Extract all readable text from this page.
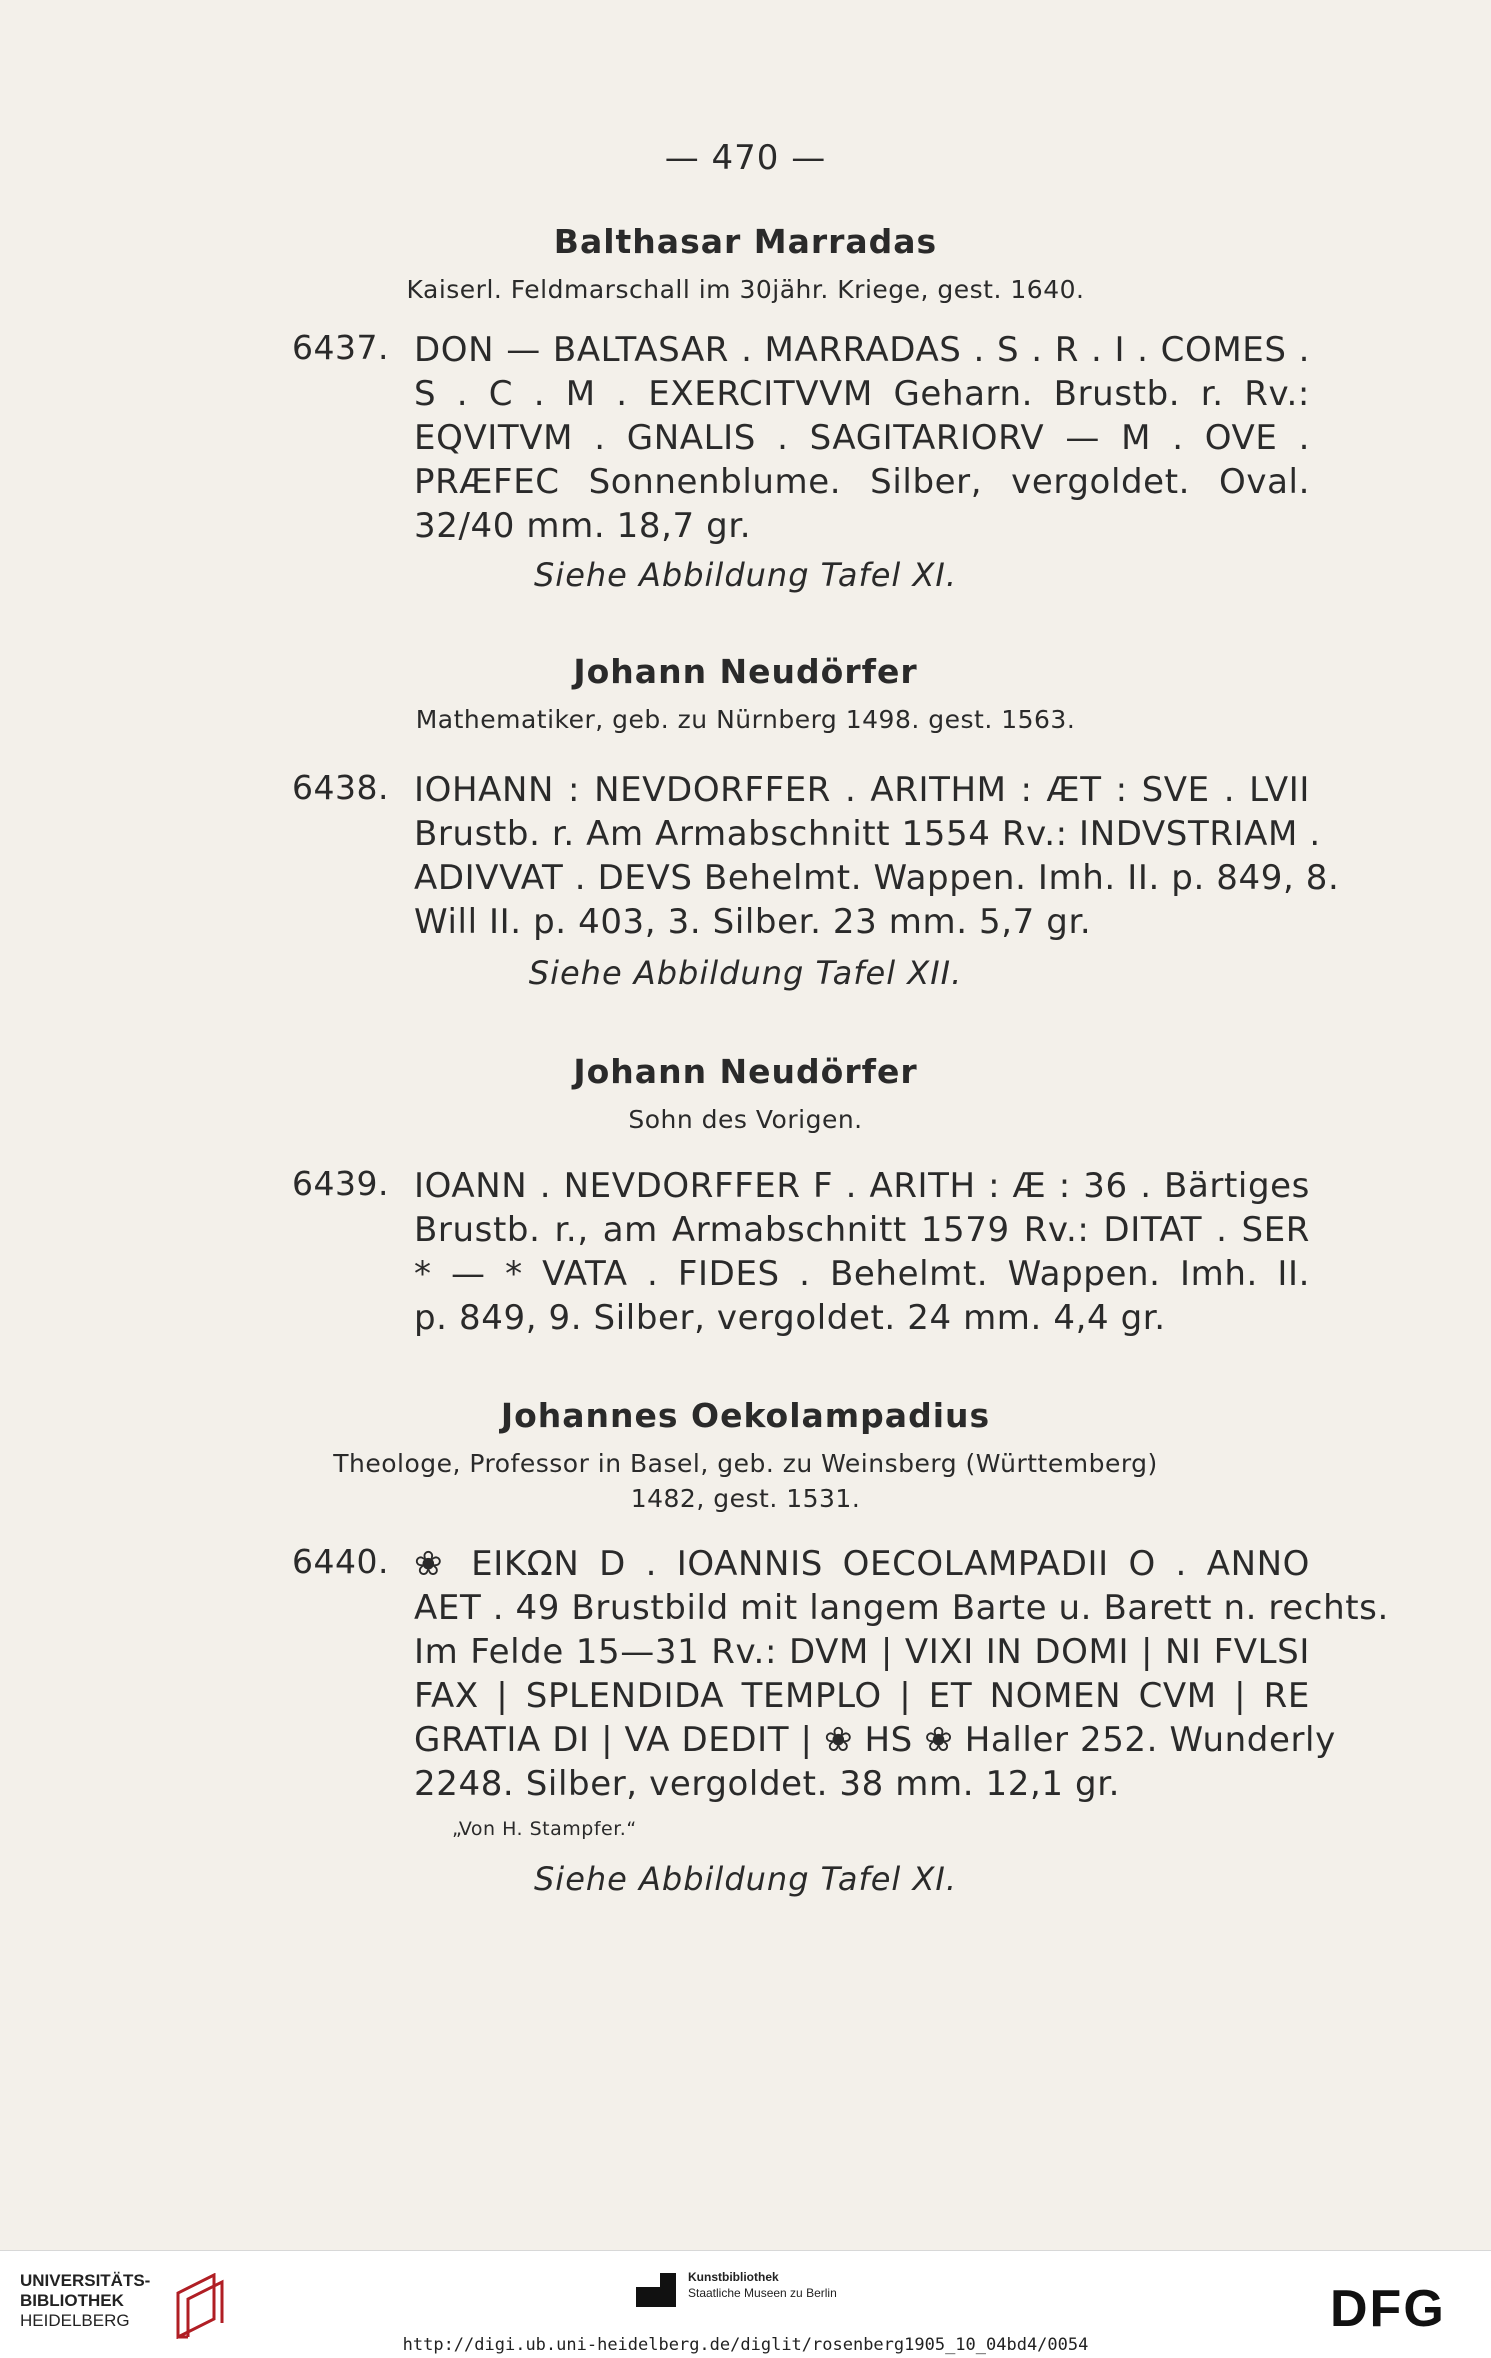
— 470 —
Balthasar Marradas
Kaiserl. Feldmarschall im 30jähr. Kriege, gest. 1640.
6437. DON — BALTASAR . MARRADAS . S . R . I . COMES .
S . C . M . EXERCITVVM Geharn. Brustb. r. Rv.:
EQVITVM . GNALIS . SAGITARIORV — M . OVE .
PRÆFEC Sonnenblume. Silber, vergoldet. Oval.
32/40 mm. 18,7 gr.
Siehe Abbildung Tafel XI.
Johann Neudörfer
Mathematiker, geb. zu Nürnberg 1498. gest. 1563.
6438. IOHANN : NEVDORFFER . ARITHM : ÆT : SVE . LVII
Brustb. r. Am Armabschnitt 1554 Rv.: INDVSTRIAM .
ADIVVAT . DEVS Behelmt. Wappen. Imh. II. p. 849, 8.
Will II. p. 403, 3. Silber. 23 mm. 5,7 gr.
Siehe Abbildung Tafel XII.
Johann Neudörfer
Sohn des Vorigen.
6439. IOANN . NEVDORFFER F . ARITH : Æ : 36 . Bärtiges
Brustb. r., am Armabschnitt 1579 Rv.: DITAT . SER
* — * VATA . FIDES . Behelmt. Wappen. Imh. II.
p. 849, 9. Silber, vergoldet. 24 mm. 4,4 gr.
Johannes Oekolampadius
Theologe, Professor in Basel, geb. zu Weinsberg (Württemberg)
1482, gest. 1531.
6440. ❀ EIKΩN D . IOANNIS OECOLAMPADII O . ANNO
AET . 49 Brustbild mit langem Barte u. Barett n. rechts.
Im Felde 15—31 Rv.: DVM | VIXI IN DOMI | NI FVLSI
FAX | SPLENDIDA TEMPLO | ET NOMEN CVM | RE
GRATIA DI | VA DEDIT | ❀ HS ❀ Haller 252. Wunderly
2248. Silber, vergoldet. 38 mm. 12,1 gr.
„Von H. Stampfer.“
Siehe Abbildung Tafel XI.
UNIVERSITÄTS-
BIBLIOTHEK
HEIDELBERG
Kunstbibliothek
Staatliche Museen zu Berlin	DFG
http://digi.ub.uni-heidelberg.de/diglit/rosenberg1905_10_04bd4/0054
